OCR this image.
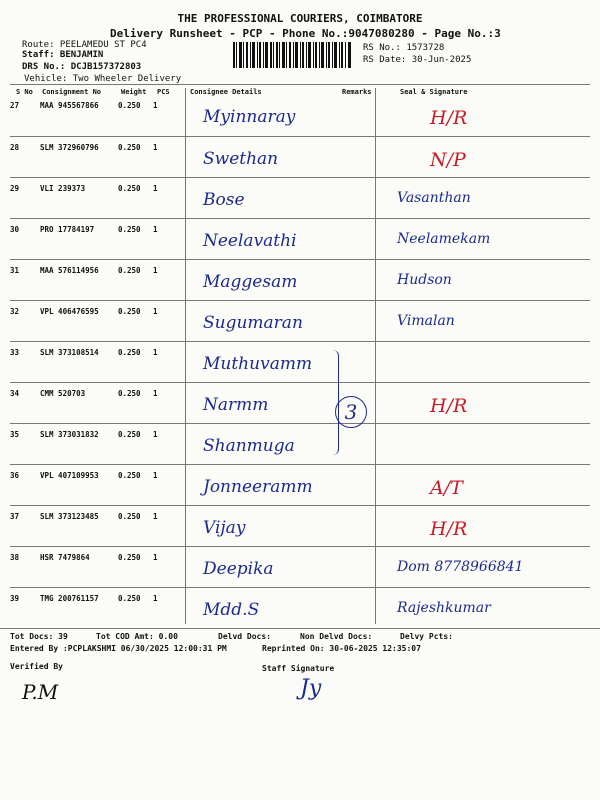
THE PROFESSIONAL COURIERS, COIMBATORE
Delivery Runsheet - PCP - Phone No.:9047080280 - Page No.:3
Route: PEELAMEDU ST PC4
Staff: BENJAMIN
DRS No.: DCJB157372803
Vehicle: Two Wheeler Delivery
RS No.: 1573728
RS Date: 30-Jun-2025
S No Consignment No	Weight PCS	Consignee Details	Remarks	Seal & Signature
27	MAA 945567866	0.250	1	Myinnaray	H/R
28	SLM 372960796	0.250	1	Swethan	N/P
29	VLI 239373	0.250	1	Bose	Vasanthan
30	PRO 17784197	0.250	1	Neelavathi	Neelamekam
31	MAA 576114956	0.250	1	Maggesam	Hudson
32	VPL 406476595	0.250	1	Sugumaran	Vimalan
33	SLM 373108514	0.250	1	Muthuvamm	
34	CMM 520703	0.250	1	Narmm	H/R
35	SLM 373031832	0.250	1	Shanmuga	
36	VPL 407109953	0.250	1	Jonneeramm	A/T
37	SLM 373123485	0.250	1	Vijay	H/R
38	HSR 7479864	0.250	1	Deepika	Dom 8778966841
39	TMG 200761157	0.250	1	Mdd.S	Rajeshkumar
3
Tot Docs: 39	Tot COD Amt: 0.00	Delvd Docs:	Non Delvd Docs:	Delvy Pcts:
Entered By :PCPLAKSHMI 06/30/2025 12:00:31 PM	Reprinted On: 30-06-2025 12:35:07
Verified By	Staff Signature
P.M	Jy
